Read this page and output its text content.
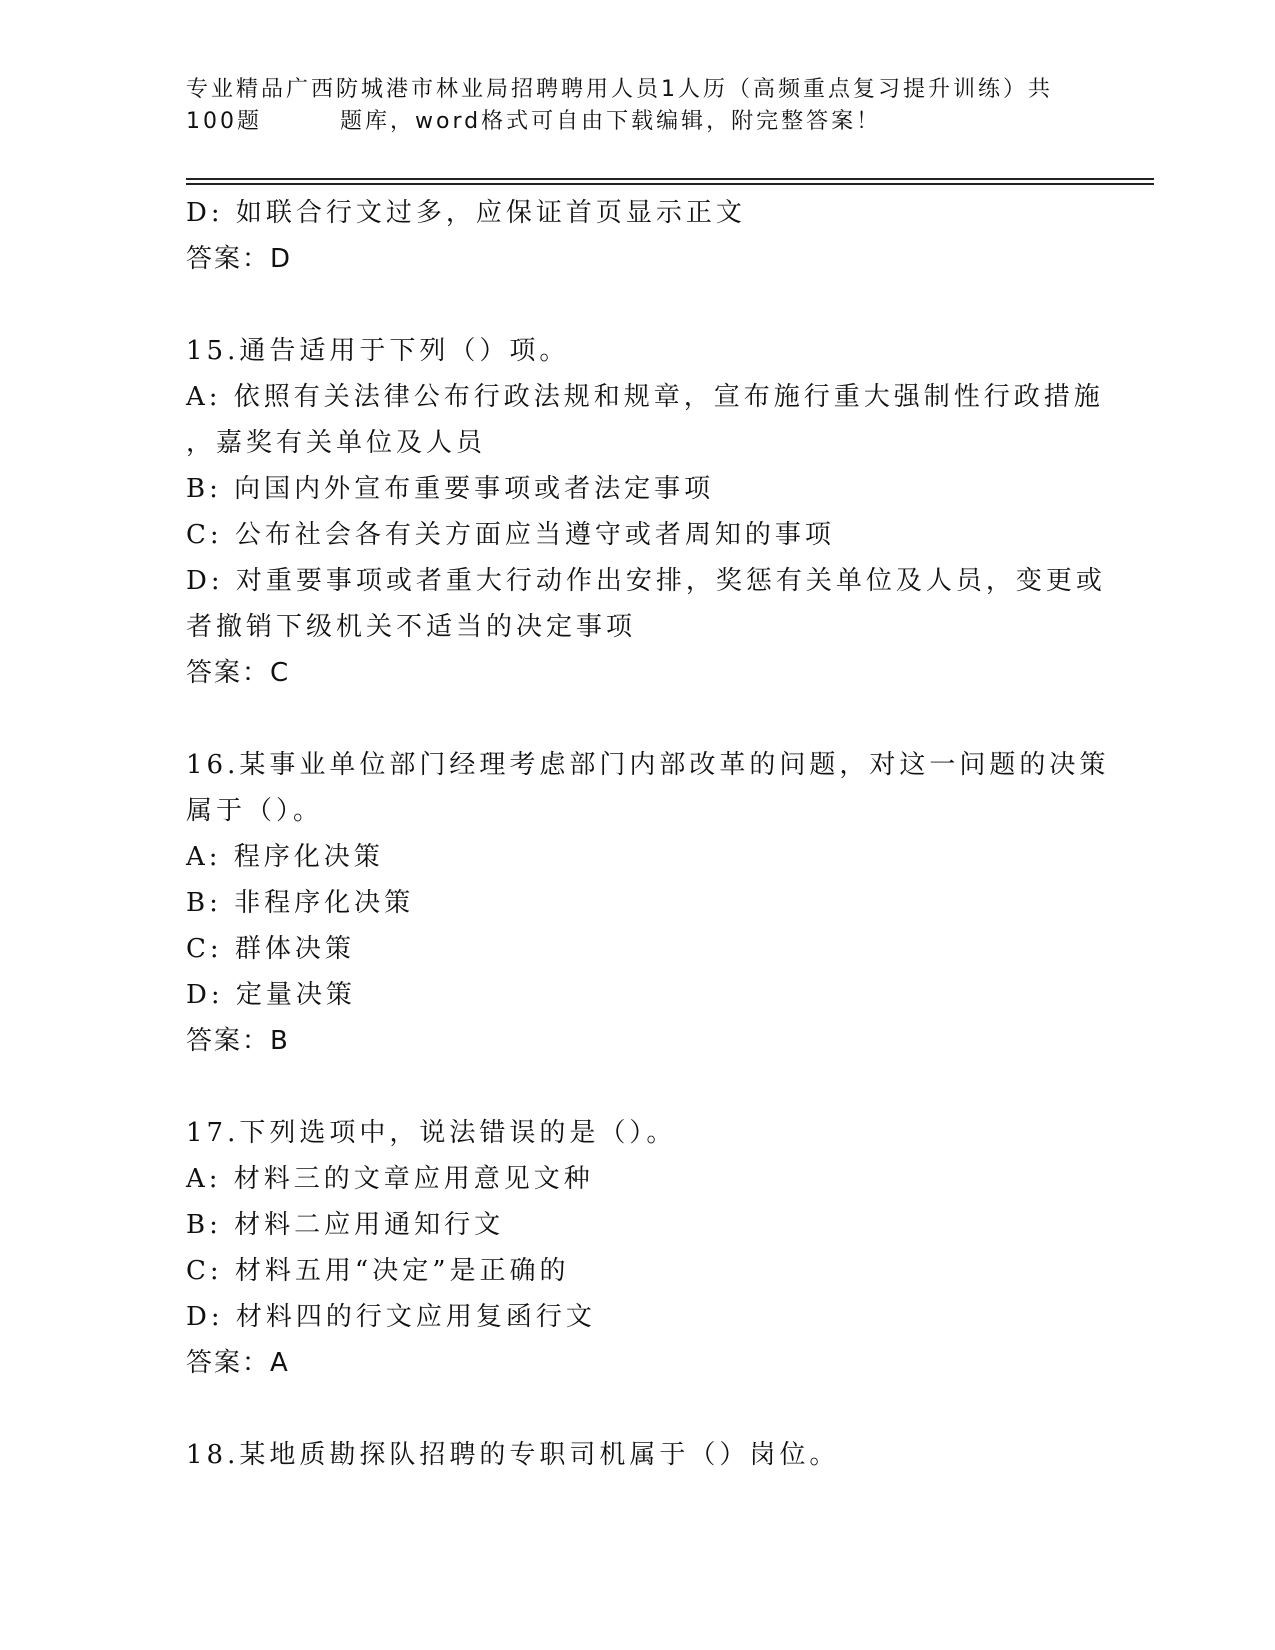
专业精品广西防城港市林业局招聘聘用人员1人历（高频重点复习提升训练）共
100题	题库，word格式可自由下载编辑，附完整答案！
D: 如联合行文过多，应保证首页显示正文
答案：D
15.通告适用于下列（）项。
A: 依照有关法律公布行政法规和规章，宣布施行重大强制性行政措施
，嘉奖有关单位及人员
B: 向国内外宣布重要事项或者法定事项
C: 公布社会各有关方面应当遵守或者周知的事项
D: 对重要事项或者重大行动作出安排，奖惩有关单位及人员，变更或
者撤销下级机关不适当的决定事项
答案：C
16.某事业单位部门经理考虑部门内部改革的问题，对这一问题的决策
属于（）。
A: 程序化决策
B: 非程序化决策
C: 群体决策
D: 定量决策
答案：B
17.下列选项中，说法错误的是（）。
A: 材料三的文章应用意见文种
B: 材料二应用通知行文
C: 材料五用“决定”是正确的
D: 材料四的行文应用复函行文
答案：A
18.某地质勘探队招聘的专职司机属于（）岗位。
